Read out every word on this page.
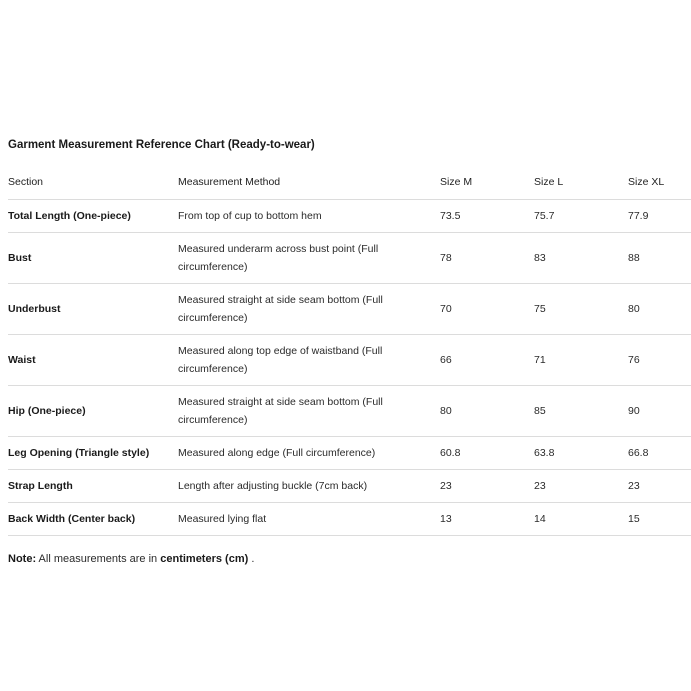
Garment Measurement Reference Chart (Ready-to-wear)
Section	Measurement Method	Size M	Size L	Size XL
Total Length (One-piece)	From top of cup to bottom hem	73.5	75.7	77.9
Bust	Measured underarm across bust point (Full circumference)	78	83	88
Underbust	Measured straight at side seam bottom (Full circumference)	70	75	80
Waist	Measured along top edge of waistband (Full circumference)	66	71	76
Hip (One-piece)	Measured straight at side seam bottom (Full circumference)	80	85	90
Leg Opening (Triangle style)	Measured along edge (Full circumference)	60.8	63.8	66.8
Strap Length	Length after adjusting buckle (7cm back)	23	23	23
Back Width (Center back)	Measured lying flat	13	14	15
Note: All measurements are in centimeters (cm) .
